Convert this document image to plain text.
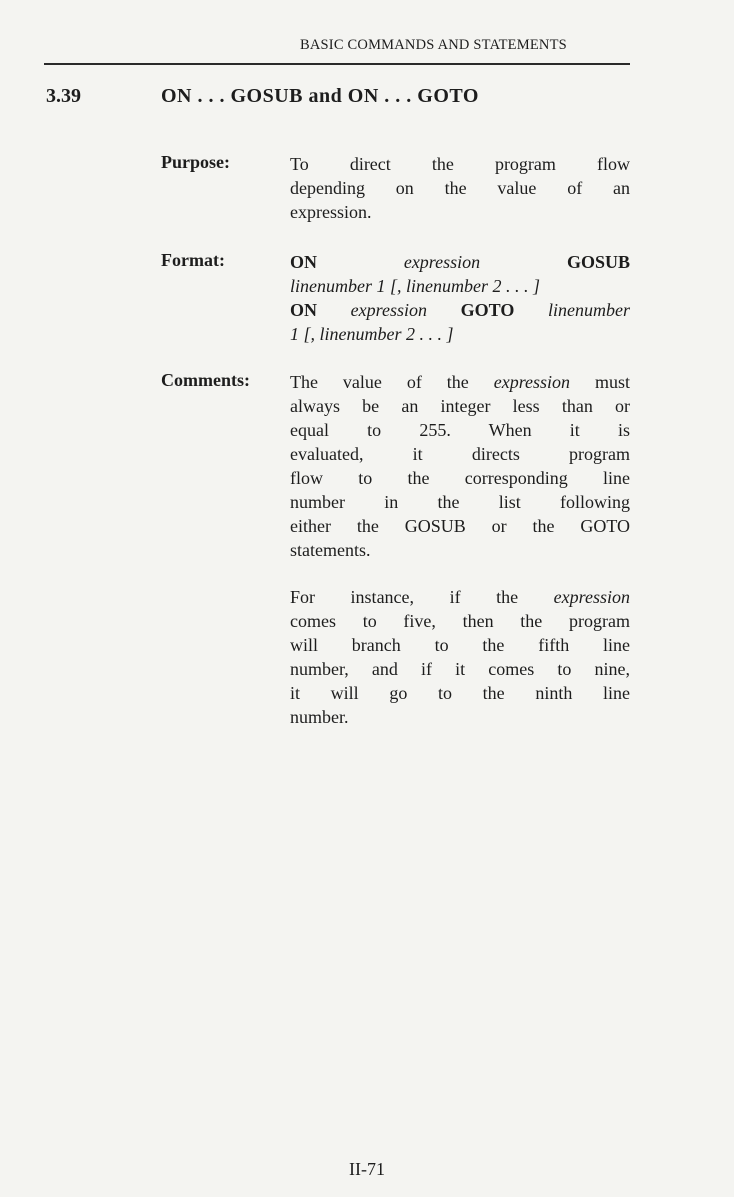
BASIC COMMANDS AND STATEMENTS
3.39	ON . . . GOSUB and ON . . . GOTO
Purpose:	To direct the program flow
depending on the value of an
expression.
Format:	ON	expression	GOSUB
linenumber 1 [, linenumber 2 . . . ]
ON expression GOTO linenumber
1 [, linenumber 2 . . . ]
Comments: The value of the expression must
always be an integer less than or
equal to 255. When it is
evaluated, it directs program
flow to the corresponding line
number in the list following
either the GOSUB or the GOTO
statements.
For instance, if the expression
comes to five, then the program
will branch to the fifth line
number, and if it comes to nine,
it will go to the ninth line
number.
II-71
